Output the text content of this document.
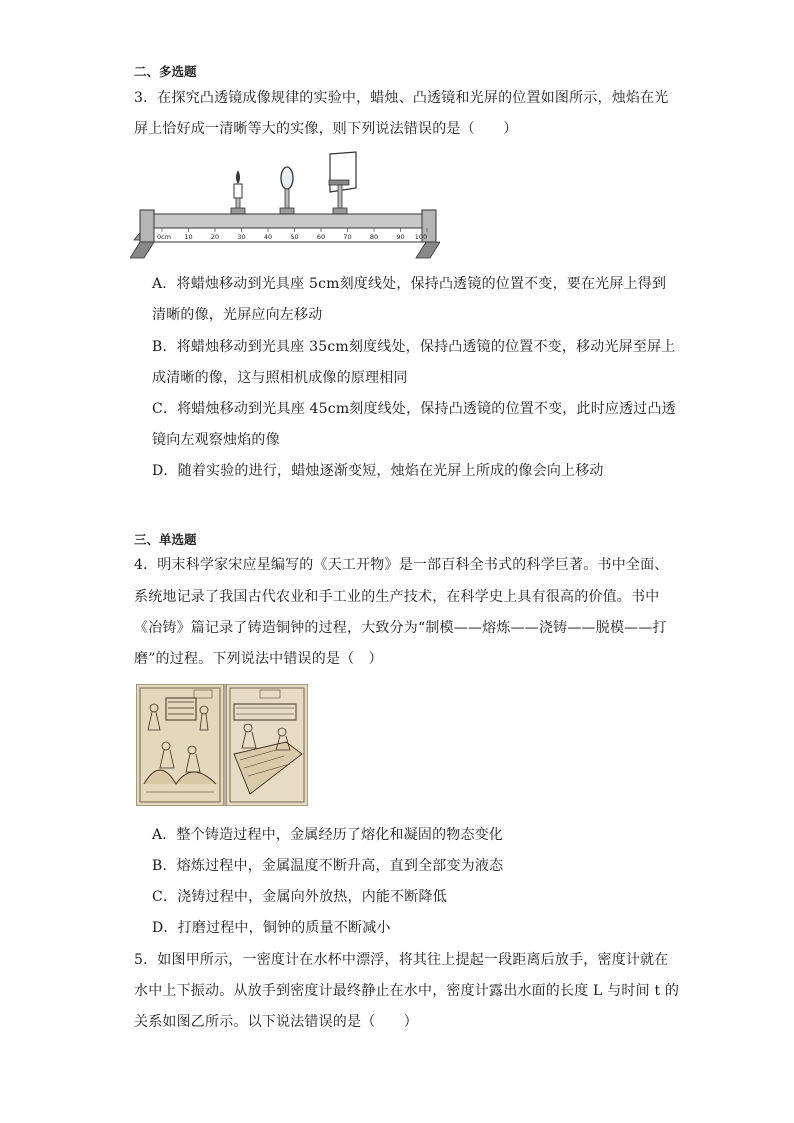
二、多选题
3．在探究凸透镜成像规律的实验中，蜡烛、凸透镜和光屏的位置如图所示，烛焰在光
屏上恰好成一清晰等大的实像，则下列说法错误的是（　　）
0cm 10	20	30	40	50	60	70	80	90 100
A．将蜡烛移动到光具座 5cm刻度线处，保持凸透镜的位置不变，要在光屏上得到
清晰的像，光屏应向左移动
B．将蜡烛移动到光具座 35cm刻度线处，保持凸透镜的位置不变，移动光屏至屏上
成清晰的像，这与照相机成像的原理相同
C．将蜡烛移动到光具座 45cm刻度线处，保持凸透镜的位置不变，此时应透过凸透
镜向左观察烛焰的像
D．随着实验的进行，蜡烛逐渐变短，烛焰在光屏上所成的像会向上移动
三、单选题
4．明末科学家宋应星编写的《天工开物》是一部百科全书式的科学巨著。书中全面、
系统地记录了我国古代农业和手工业的生产技术，在科学史上具有很高的价值。书中
《冶铸》篇记录了铸造铜钟的过程，大致分为“制模——熔炼——浇铸——脱模——打
磨”的过程。下列说法中错误的是（　）
A．整个铸造过程中，金属经历了熔化和凝固的物态变化
B．熔炼过程中，金属温度不断升高，直到全部变为液态
C．浇铸过程中，金属向外放热，内能不断降低
D．打磨过程中，铜钟的质量不断减小
5．如图甲所示，一密度计在水杯中漂浮，将其往上提起一段距离后放手，密度计就在
水中上下振动。从放手到密度计最终静止在水中，密度计露出水面的长度 L 与时间 t 的
关系如图乙所示。以下说法错误的是（　　）
